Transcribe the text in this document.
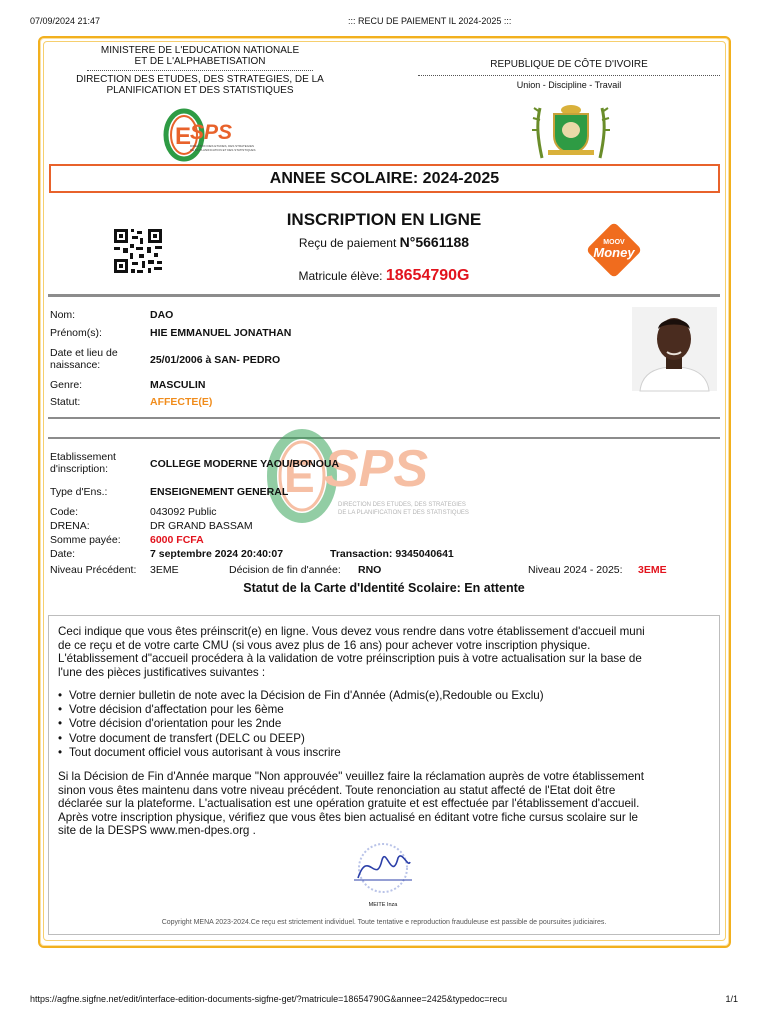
07/09/2024 21:47	::: RECU DE PAIEMENT IL 2024-2025 :::
MINISTERE DE L'EDUCATION NATIONALE
ET DE L'ALPHABETISATION
DIRECTION DES ETUDES, DES STRATEGIES, DE LA
PLANIFICATION ET DES STATISTIQUES
REPUBLIQUE DE CÔTE D'IVOIRE
Union - Discipline - Travail
E
SPS
DIRECTION DES ETUDES, DES STRATEGIES
DE LA PLANIFICATION ET DES STATISTIQUES
ANNEE SCOLAIRE: 2024-2025
INSCRIPTION EN LIGNE
Reçu de paiement N°5661188
Matricule élève: 18654790G
MOOV
Money
Nom:	DAO
Prénom(s):	HIE EMMANUEL JONATHAN
Date et lieu de
naissance:	25/01/2006 à SAN- PEDRO
Genre:	MASCULIN
Statut:	AFFECTE(E)
E SPS
DIRECTION DES ETUDES, DES STRATEGIES
DE LA PLANIFICATION ET DES STATISTIQUES
Etablissement
d'inscription:	COLLEGE MODERNE YAOU/BONOUA
Type d'Ens.:	ENSEIGNEMENT GENERAL
Code:	043092 Public
DRENA:	DR GRAND BASSAM
Somme payée:	6000 FCFA
Date:	7 septembre 2024 20:40:07	Transaction: 9345040641
Niveau Précédent: 3EME	Décision de fin d'année: RNO	Niveau 2024 - 2025: 3EME
Statut de la Carte d'Identité Scolaire: En attente

Ceci indique que vous êtes préinscrit(e) en ligne. Vous devez vous rendre dans votre établissement d'accueil muni

de ce reçu et de votre carte CMU (si vous avez plus de 16 ans) pour achever votre inscription physique.

L'établissement d"accueil procédera à la validation de votre préinscription puis à votre actualisation sur la base de

l'une des pièces justificatives suivantes :

• Votre dernier bulletin de note avec la Décision de Fin d'Année (Admis(e),Redouble ou Exclu)
• Votre décision d'affectation pour les 6ème
• Votre décision d'orientation pour les 2nde
• Votre document de transfert (DELC ou DEEP)
• Tout document officiel vous autorisant à vous inscrire

Si la Décision de Fin d'Année marque "Non approuvée" veuillez faire la réclamation auprès de votre établissement

sinon vous êtes maintenu dans votre niveau précédent. Toute renonciation au statut affecté de l'Etat doit être

déclarée sur la plateforme. L'actualisation est une opération gratuite et est effectuée par l'établissement d'accueil.

Après votre inscription physique, vérifiez que vous êtes bien actualisé en éditant votre fiche cursus scolaire sur le

site de la DESPS www.men-dpes.org .

MEITE Inza
Copyright MENA 2023-2024.Ce reçu est strictement individuel. Toute tentative e reproduction frauduleuse est passible de poursuites judiciaires.
https://agfne.sigfne.net/edit/interface-edition-documents-sigfne-get/?matricule=18654790G&annee=2425&typedoc=recu	1/1
